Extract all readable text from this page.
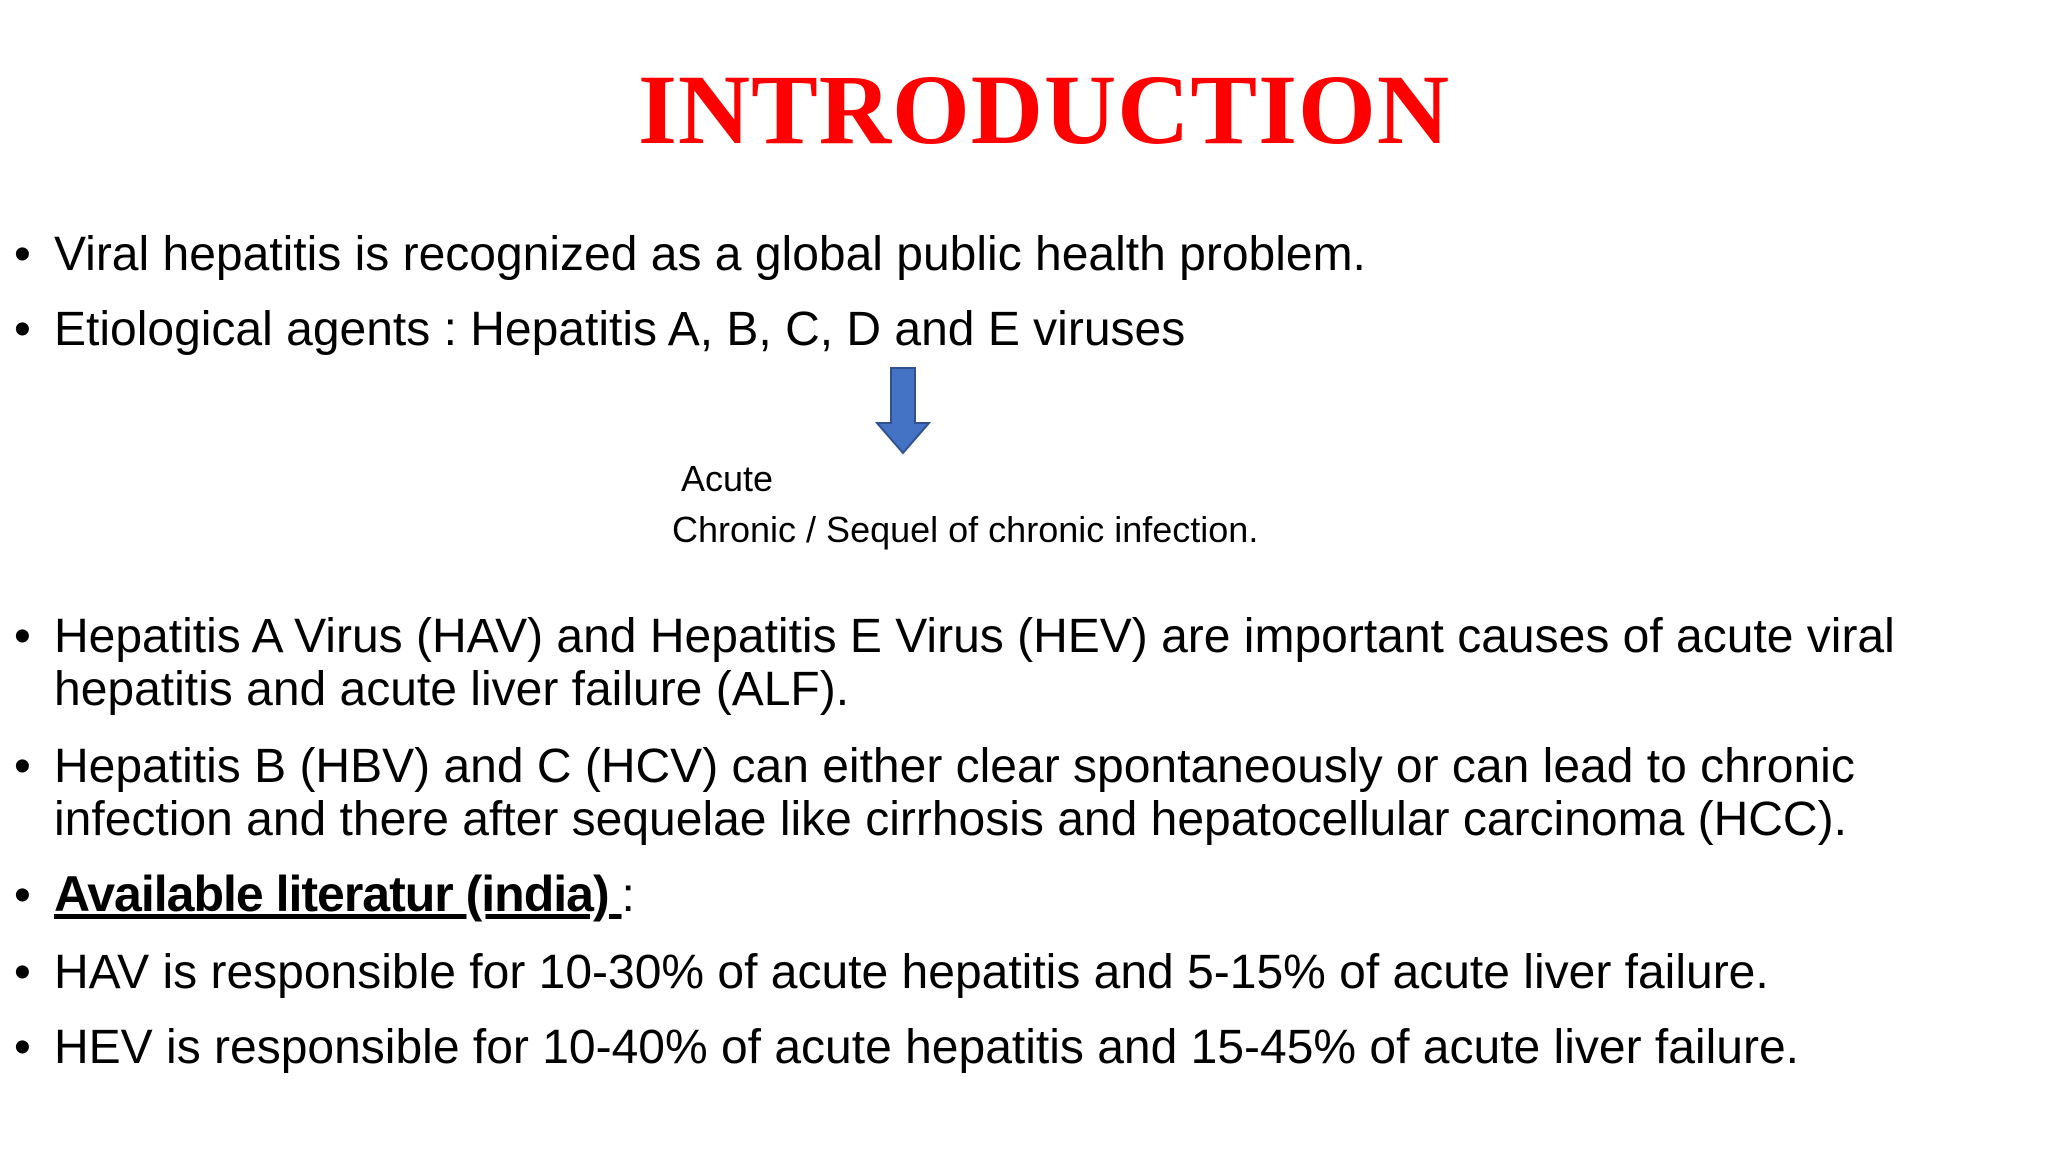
INTRODUCTION
• Viral hepatitis is recognized as a global public health problem.
•Etiological agents : Hepatitis A, B, C, D and E viruses
Acute
Chronic / Sequel of chronic infection.
• Hepatitis A Virus (HAV) and Hepatitis E Virus (HEV) are important causes of acute viral
hepatitis and acute liver failure (ALF).
• Hepatitis B (HBV) and C (HCV) can either clear spontaneously or can lead to chronic
infection and there after sequelae like cirrhosis and hepatocellular carcinoma (HCC).
• Available literatur (india) :
•HAV is responsible for 10-30% of acute hepatitis and 5-15% of acute liver failure.
•HEV is responsible for 10-40% of acute hepatitis and 15-45% of acute liver failure.
